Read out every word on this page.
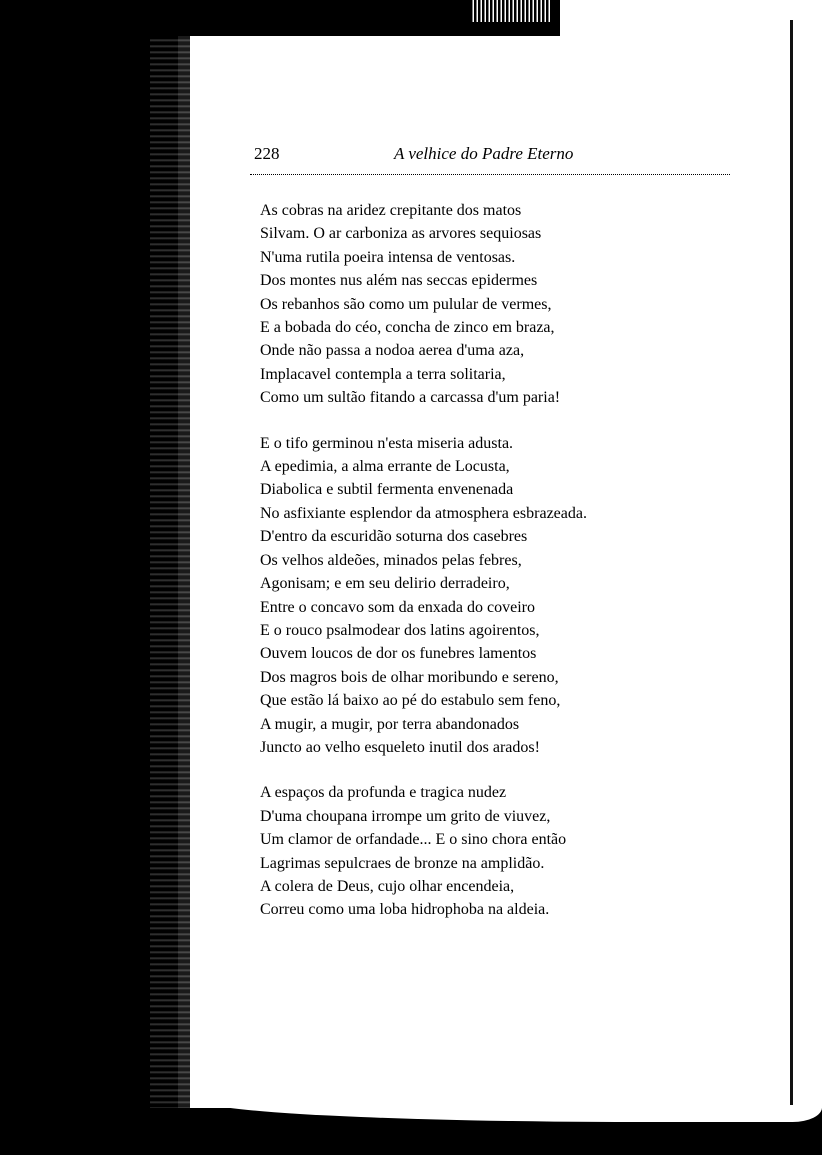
228	A velhice do Padre Eterno
As cobras na aridez crepitante dos matos
Silvam. O ar carboniza as arvores sequiosas
N'uma rutila poeira intensa de ventosas.
Dos montes nus além nas seccas epidermes
Os rebanhos são como um pulular de vermes,
E a bobada do céo, concha de zinco em braza,
Onde não passa a nodoa aerea d'uma aza,
Implacavel contempla a terra solitaria,
Como um sultão fitando a carcassa d'um paria!
E o tifo germinou n'esta miseria adusta.
A epedimia, a alma errante de Locusta,
Diabolica e subtil fermenta envenenada
No asfixiante esplendor da atmosphera esbrazeada.
D'entro da escuridão soturna dos casebres
Os velhos aldeões, minados pelas febres,
Agonisam; e em seu delirio derradeiro,
Entre o concavo som da enxada do coveiro
E o rouco psalmodear dos latins agoirentos,
Ouvem loucos de dor os funebres lamentos
Dos magros bois de olhar moribundo e sereno,
Que estão lá baixo ao pé do estabulo sem feno,
A mugir, a mugir, por terra abandonados
Juncto ao velho esqueleto inutil dos arados!
A espaços da profunda e tragica nudez
D'uma choupana irrompe um grito de viuvez,
Um clamor de orfandade... E o sino chora então
Lagrimas sepulcraes de bronze na amplidão.
A colera de Deus, cujo olhar encendeia,
Correu como uma loba hidrophoba na aldeia.
